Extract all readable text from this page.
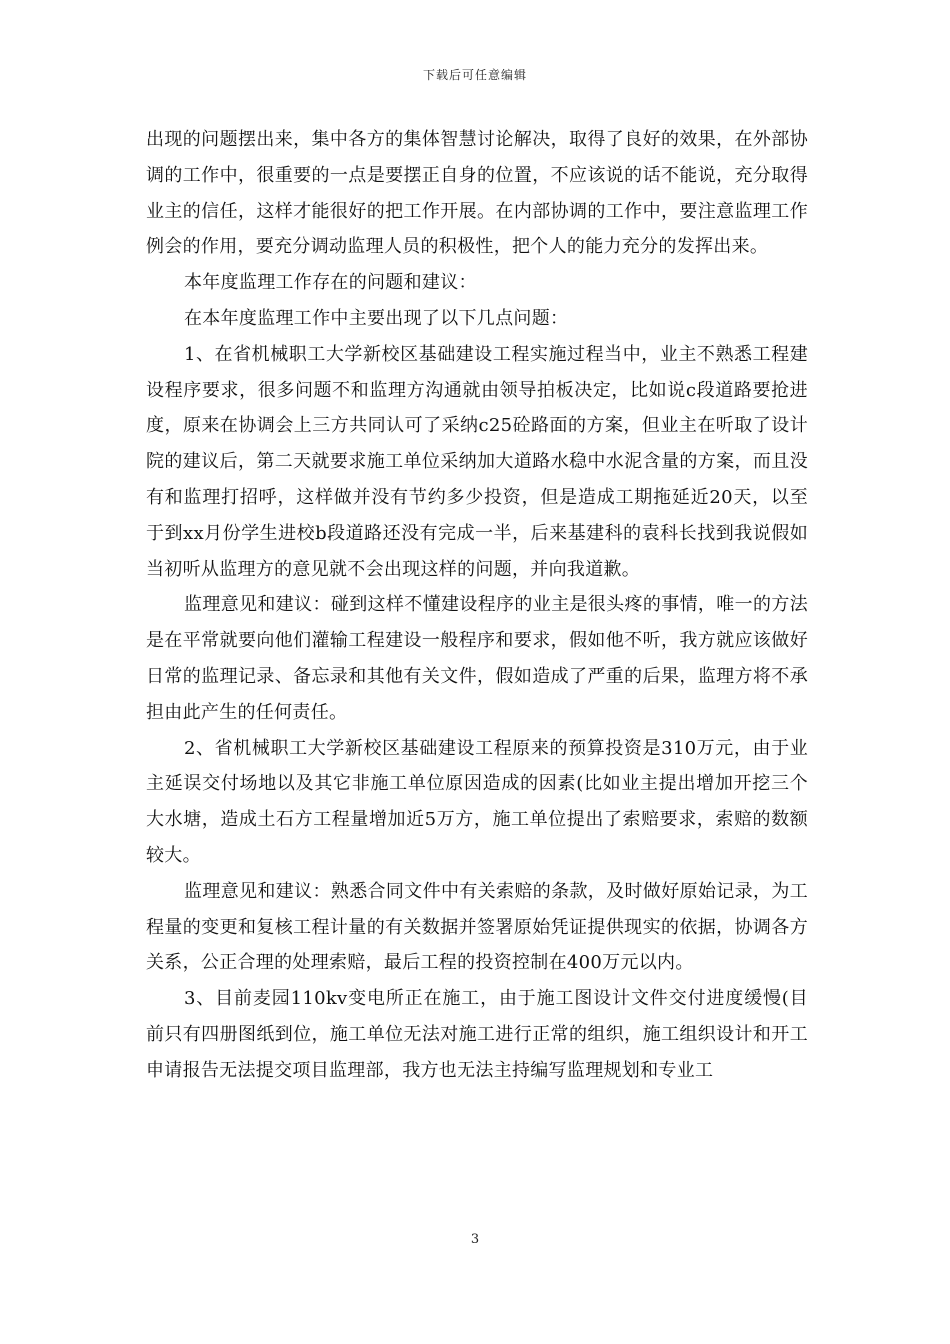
下载后可任意编辑

出现的问题摆出来，集中各方的集体智慧讨论解决，取得了良好的效果，在外部协调的工作中，很重要的一点是要摆正自身的位置，不应该说的话不能说，充分取得业主的信任，这样才能很好的把工作开展。在内部协调的工作中，要注意监理工作例会的作用，要充分调动监理人员的积极性，把个人的能力充分的发挥出来。

本年度监理工作存在的问题和建议：

在本年度监理工作中主要出现了以下几点问题：

1、在省机械职工大学新校区基础建设工程实施过程当中，业主不熟悉工程建设程序要求，很多问题不和监理方沟通就由领导拍板决定，比如说c段道路要抢进度，原来在协调会上三方共同认可了采纳c25砼路面的方案，但业主在听取了设计院的建议后，第二天就要求施工单位采纳加大道路水稳中水泥含量的方案，而且没有和监理打招呼，这样做并没有节约多少投资，但是造成工期拖延近20天，以至于到xx月份学生进校b段道路还没有完成一半，后来基建科的袁科长找到我说假如当初听从监理方的意见就不会出现这样的问题，并向我道歉。

监理意见和建议：碰到这样不懂建设程序的业主是很头疼的事情，唯一的方法是在平常就要向他们灌输工程建设一般程序和要求，假如他不听，我方就应该做好日常的监理记录、备忘录和其他有关文件，假如造成了严重的后果，监理方将不承担由此产生的任何责任。

2、省机械职工大学新校区基础建设工程原来的预算投资是310万元，由于业主延误交付场地以及其它非施工单位原因造成的因素(比如业主提出增加开挖三个大水塘，造成土石方工程量增加近5万方，施工单位提出了索赔要求，索赔的数额较大。

监理意见和建议：熟悉合同文件中有关索赔的条款，及时做好原始记录，为工程量的变更和复核工程计量的有关数据并签署原始凭证提供现实的依据，协调各方关系，公正合理的处理索赔，最后工程的投资控制在400万元以内。

3、目前麦园110kv变电所正在施工，由于施工图设计文件交付进度缓慢(目前只有四册图纸到位，施工单位无法对施工进行正常的组织，施工组织设计和开工申请报告无法提交项目监理部，我方也无法主持编写监理规划和专业工

3
